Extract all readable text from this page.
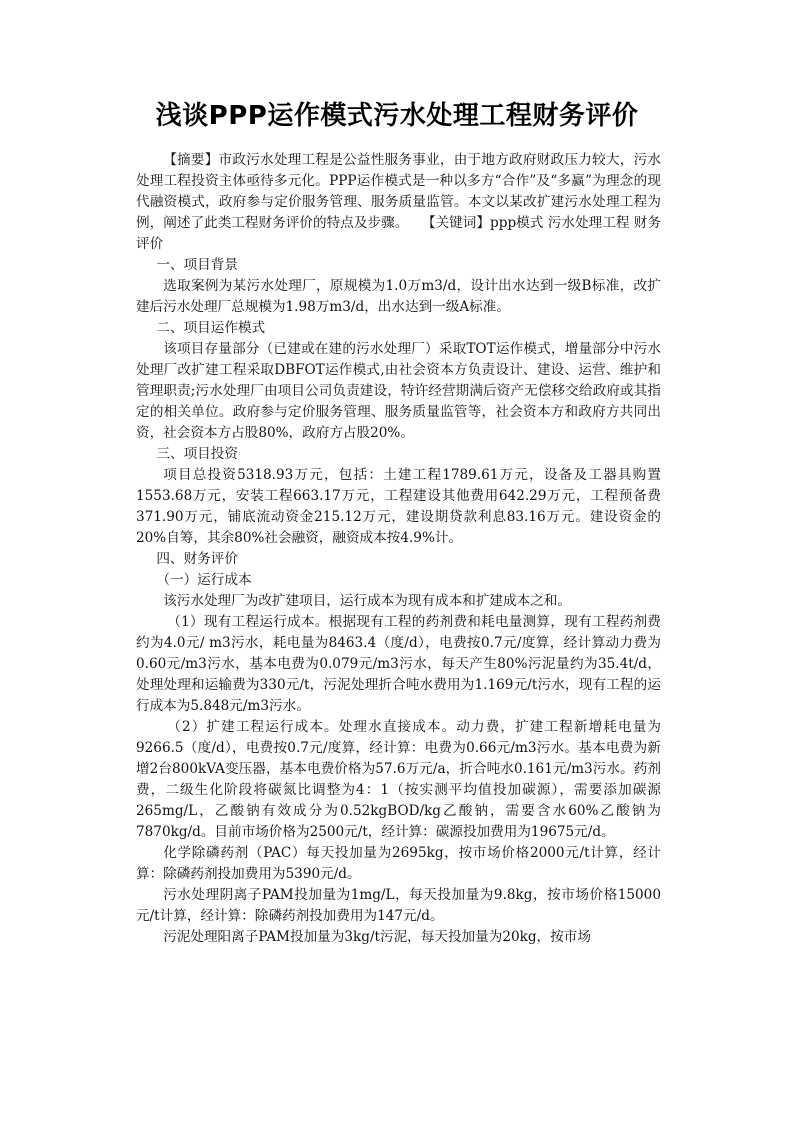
浅谈PPP运作模式污水处理工程财务评价

【摘要】市政污水处理工程是公益性服务事业，由于地方政府财政压力较大，污水处理工程投资主体亟待多元化。PPP运作模式是一种以多方“合作”及“多赢”为理念的现代融资模式，政府参与定价服务管理、服务质量监管。本文以某改扩建污水处理工程为例，阐述了此类工程财务评价的特点及步骤。　　【关键词】ppp模式 污水处理工程 财务评价

一、项目背景

选取案例为某污水处理厂，原规模为1.0万m3/d，设计出水达到一级B标准，改扩建后污水处理厂总规模为1.98万m3/d，出水达到一级A标准。

二、项目运作模式

该项目存量部分（已建或在建的污水处理厂）采取TOT运作模式，增量部分中污水处理厂改扩建工程采取DBFOT运作模式,由社会资本方负责设计、建设、运营、维护和管理职责;污水处理厂由项目公司负责建设，特许经营期满后资产无偿移交给政府或其指定的相关单位。政府参与定价服务管理、服务质量监管等，社会资本方和政府方共同出资，社会资本方占股80%，政府方占股20%。

三、项目投资

项目总投资5318.93万元，包括：土建工程1789.61万元，设备及工器具购置1553.68万元，安装工程663.17万元，工程建设其他费用642.29万元，工程预备费371.90万元，铺底流动资金215.12万元，建设期贷款利息83.16万元。建设资金的20%自筹，其余80%社会融资，融资成本按4.9%计。

四、财务评价

（一）运行成本

该污水处理厂为改扩建项目，运行成本为现有成本和扩建成本之和。

（1）现有工程运行成本。根据现有工程的药剂费和耗电量测算，现有工程药剂费约为4.0元/ m3污水，耗电量为8463.4（度/d），电费按0.7元/度算，经计算动力费为0.60元/m3污水，基本电费为0.079元/m3污水，每天产生80%污泥量约为35.4t/d，处理处理和运输费为330元/t，污泥处理折合吨水费用为1.169元/t污水，现有工程的运行成本为5.848元/m3污水。

（2）扩建工程运行成本。处理水直接成本。动力费，扩建工程新增耗电量为9266.5（度/d），电费按0.7元/度算，经计算：电费为0.66元/m3污水。基本电费为新增2台800kVA变压器，基本电费价格为57.6万元/a，折合吨水0.161元/m3污水。药剂费，二级生化阶段将碳氮比调整为4：1（按实测平均值投加碳源），需要添加碳源265mg/L，乙酸钠有效成分为0.52kgBOD/kg乙酸钠，需要含水60%乙酸钠为7870kg/d。目前市场价格为2500元/t，经计算：碳源投加费用为19675元/d。

化学除磷药剂（PAC）每天投加量为2695kg，按市场价格2000元/t计算，经计算：除磷药剂投加费用为5390元/d。

污水处理阴离子PAM投加量为1mg/L，每天投加量为9.8kg，按市场价格15000元/t计算，经计算：除磷药剂投加费用为147元/d。

污泥处理阳离子PAM投加量为3kg/t污泥，每天投加量为20kg，按市场
